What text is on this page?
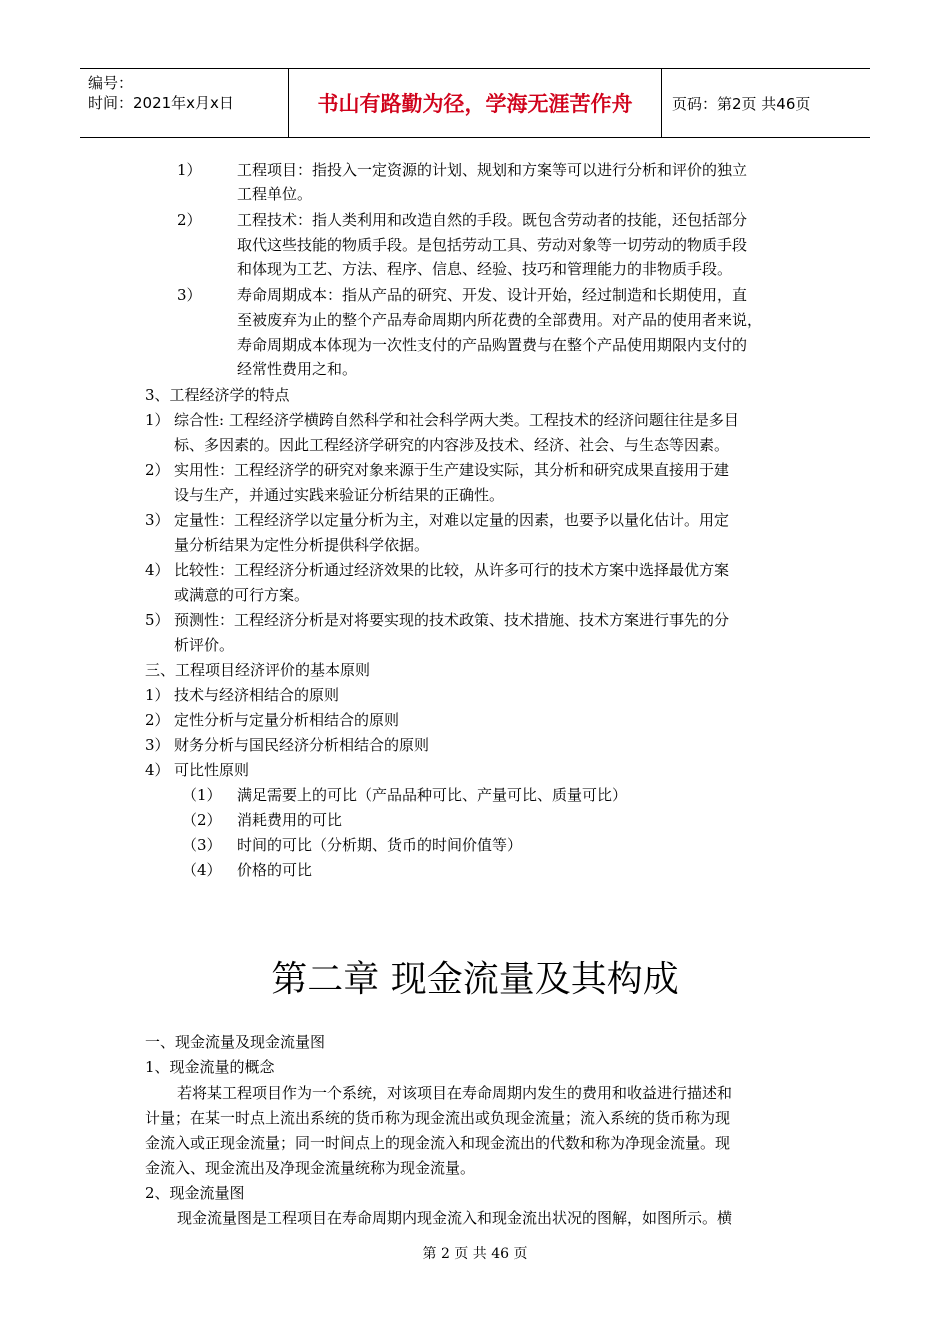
编号：
时间：2021年x月x日	书山有路勤为径，学海无涯苦作舟	页码：第2页 共46页
1） 工程项目：指投入一定资源的计划、规划和方案等可以进行分析和评价的独立
工程单位。
2） 工程技术：指人类利用和改造自然的手段。既包含劳动者的技能，还包括部分
取代这些技能的物质手段。是包括劳动工具、劳动对象等一切劳动的物质手段
和体现为工艺、方法、程序、信息、经验、技巧和管理能力的非物质手段。
3） 寿命周期成本：指从产品的研究、开发、设计开始，经过制造和长期使用，直
至被废弃为止的整个产品寿命周期内所花费的全部费用。对产品的使用者来说，
寿命周期成本体现为一次性支付的产品购置费与在整个产品使用期限内支付的
经常性费用之和。
3、工程经济学的特点
1） 综合性: 工程经济学横跨自然科学和社会科学两大类。工程技术的经济问题往往是多目
标、多因素的。因此工程经济学研究的内容涉及技术、经济、社会、与生态等因素。
2） 实用性：工程经济学的研究对象来源于生产建设实际，其分析和研究成果直接用于建
设与生产，并通过实践来验证分析结果的正确性。
3） 定量性：工程经济学以定量分析为主，对难以定量的因素，也要予以量化估计。用定
量分析结果为定性分析提供科学依据。
4） 比较性：工程经济分析通过经济效果的比较，从许多可行的技术方案中选择最优方案
或满意的可行方案。
5） 预测性：工程经济分析是对将要实现的技术政策、技术措施、技术方案进行事先的分
析评价。
三、工程项目经济评价的基本原则
1） 技术与经济相结合的原则
2） 定性分析与定量分析相结合的原则
3） 财务分析与国民经济分析相结合的原则
4） 可比性原则
（1） 满足需要上的可比（产品品种可比、产量可比、质量可比）
（2） 消耗费用的可比
（3） 时间的可比（分析期、货币的时间价值等）
（4） 价格的可比
第二章 现金流量及其构成
一、现金流量及现金流量图
1、现金流量的概念
若将某工程项目作为一个系统，对该项目在寿命周期内发生的费用和收益进行描述和
计量；在某一时点上流出系统的货币称为现金流出或负现金流量；流入系统的货币称为现
金流入或正现金流量；同一时间点上的现金流入和现金流出的代数和称为净现金流量。现
金流入、现金流出及净现金流量统称为现金流量。
2、现金流量图
现金流量图是工程项目在寿命周期内现金流入和现金流出状况的图解，如图所示。横
第 2 页 共 46 页
